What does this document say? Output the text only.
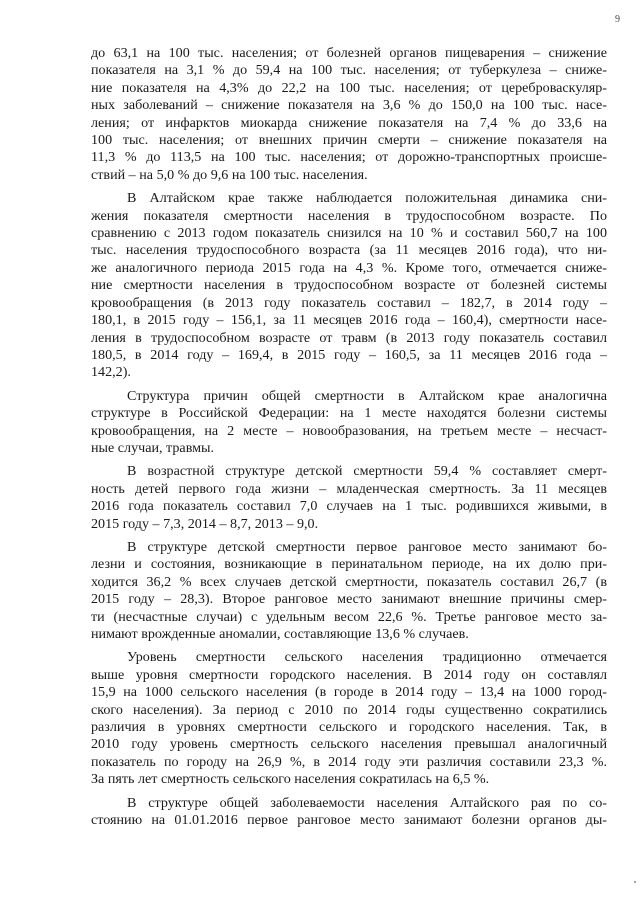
9
до 63,1 на 100 тыс. населения; от болезней органов пищеварения – снижение
показателя на 3,1 % до 59,4 на 100 тыс. населения; от туберкулеза – сниже-
ние показателя на 4,3% до 22,2 на 100 тыс. населения; от цереброваскуляр-
ных заболеваний – снижение показателя на 3,6 % до 150,0 на 100 тыс. насе-
ления; от инфарктов миокарда снижение показателя на 7,4 % до 33,6 на
100 тыс. населения; от внешних причин смерти – снижение показателя на
11,3 % до 113,5 на 100 тыс. населения; от дорожно-транспортных происше-
ствий – на 5,0 % до 9,6 на 100 тыс. населения.
В Алтайском крае также наблюдается положительная динамика сни-
жения показателя смертности населения в трудоспособном возрасте. По
сравнению с 2013 годом показатель снизился на 10 % и составил 560,7 на 100
тыс. населения трудоспособного возраста (за 11 месяцев 2016 года), что ни-
же аналогичного периода 2015 года на 4,3 %. Кроме того, отмечается сниже-
ние смертности населения в трудоспособном возрасте от болезней системы
кровообращения (в 2013 году показатель составил – 182,7, в 2014 году –
180,1, в 2015 году – 156,1, за 11 месяцев 2016 года – 160,4), смертности насе-
ления в трудоспособном возрасте от травм (в 2013 году показатель составил
180,5, в 2014 году – 169,4, в 2015 году – 160,5, за 11 месяцев 2016 года –
142,2).
Структура причин общей смертности в Алтайском крае аналогична
структуре в Российской Федерации: на 1 месте находятся болезни системы
кровообращения, на 2 месте – новообразования, на третьем месте – несчаст-
ные случаи, травмы.
В возрастной структуре детской смертности 59,4 % составляет смерт-
ность детей первого года жизни – младенческая смертность. За 11 месяцев
2016 года показатель составил 7,0 случаев на 1 тыс. родившихся живыми, в
2015 году – 7,3, 2014 – 8,7, 2013 – 9,0.
В структуре детской смертности первое ранговое место занимают бо-
лезни и состояния, возникающие в перинатальном периоде, на их долю при-
ходится 36,2 % всех случаев детской смертности, показатель составил 26,7 (в
2015 году – 28,3). Второе ранговое место занимают внешние причины смер-
ти (несчастные случаи) с удельным весом 22,6 %. Третье ранговое место за-
нимают врожденные аномалии, составляющие 13,6 % случаев.
Уровень смертности сельского населения традиционно отмечается
выше уровня смертности городского населения. В 2014 году он составлял
15,9 на 1000 сельского населения (в городе в 2014 году – 13,4 на 1000 город-
ского населения). За период с 2010 по 2014 годы существенно сократились
различия в уровнях смертности сельского и городского населения. Так, в
2010 году уровень смертность сельского населения превышал аналогичный
показатель по городу на 26,9 %, в 2014 году эти различия составили 23,3 %.
За пять лет смертность сельского населения сократилась на 6,5 %.
В структуре общей заболеваемости населения Алтайского рая по со-
стоянию на 01.01.2016 первое ранговое место занимают болезни органов ды-
